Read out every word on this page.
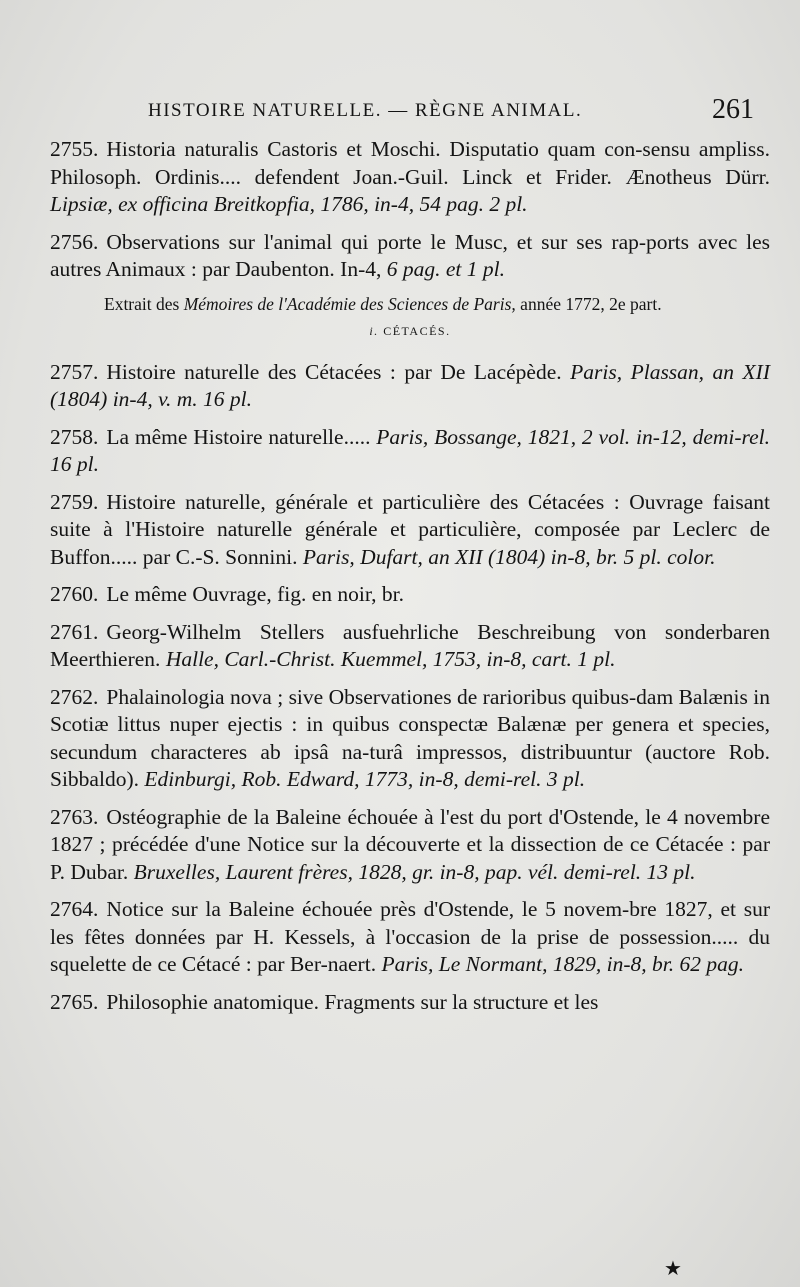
HISTOIRE NATURELLE. — RÈGNE ANIMAL.	261
2755. Historia naturalis Castoris et Moschi. Disputatio quam con-sensu ampliss. Philosoph. Ordinis.... defendent Joan.-Guil. Linck et Frider. Ænotheus Dürr. Lipsiæ, ex officina Breitkopfia, 1786, in-4, 54 pag. 2 pl.
2756. Observations sur l'animal qui porte le Musc, et sur ses rap-ports avec les autres Animaux : par Daubenton. In-4, 6 pag. et 1 pl.
Extrait des Mémoires de l'Académie des Sciences de Paris, année 1772, 2e part.
i. CÉTACÉS.
2757. Histoire naturelle des Cétacées : par De Lacépède. Paris, Plassan, an XII (1804) in-4, v. m. 16 pl.
2758. La même Histoire naturelle..... Paris, Bossange, 1821, 2 vol. in-12, demi-rel. 16 pl.
2759. Histoire naturelle, générale et particulière des Cétacées : Ouvrage faisant suite à l'Histoire naturelle générale et particulière, composée par Leclerc de Buffon..... par C.-S. Sonnini. Paris, Dufart, an XII (1804) in-8, br. 5 pl. color.
2760. Le même Ouvrage, fig. en noir, br.
2761. Georg-Wilhelm Stellers ausfuehrliche Beschreibung von sonderbaren Meerthieren. Halle, Carl.-Christ. Kuemmel, 1753, in-8, cart. 1 pl.
2762. Phalainologia nova ; sive Observationes de rarioribus quibus-dam Balænis in Scotiæ littus nuper ejectis : in quibus conspectæ Balænæ per genera et species, secundum characteres ab ipsâ na-turâ impressos, distribuuntur (auctore Rob. Sibbaldo). Edinburgi, Rob. Edward, 1773, in-8, demi-rel. 3 pl.
2763. Ostéographie de la Baleine échouée à l'est du port d'Ostende, le 4 novembre 1827 ; précédée d'une Notice sur la découverte et la dissection de ce Cétacée : par P. Dubar. Bruxelles, Laurent frères, 1828, gr. in-8, pap. vél. demi-rel. 13 pl.
2764. Notice sur la Baleine échouée près d'Ostende, le 5 novem-bre 1827, et sur les fêtes données par H. Kessels, à l'occasion de la prise de possession..... du squelette de ce Cétacé : par Ber-naert. Paris, Le Normant, 1829, in-8, br. 62 pag.
2765. Philosophie anatomique. Fragments sur la structure et les
★
